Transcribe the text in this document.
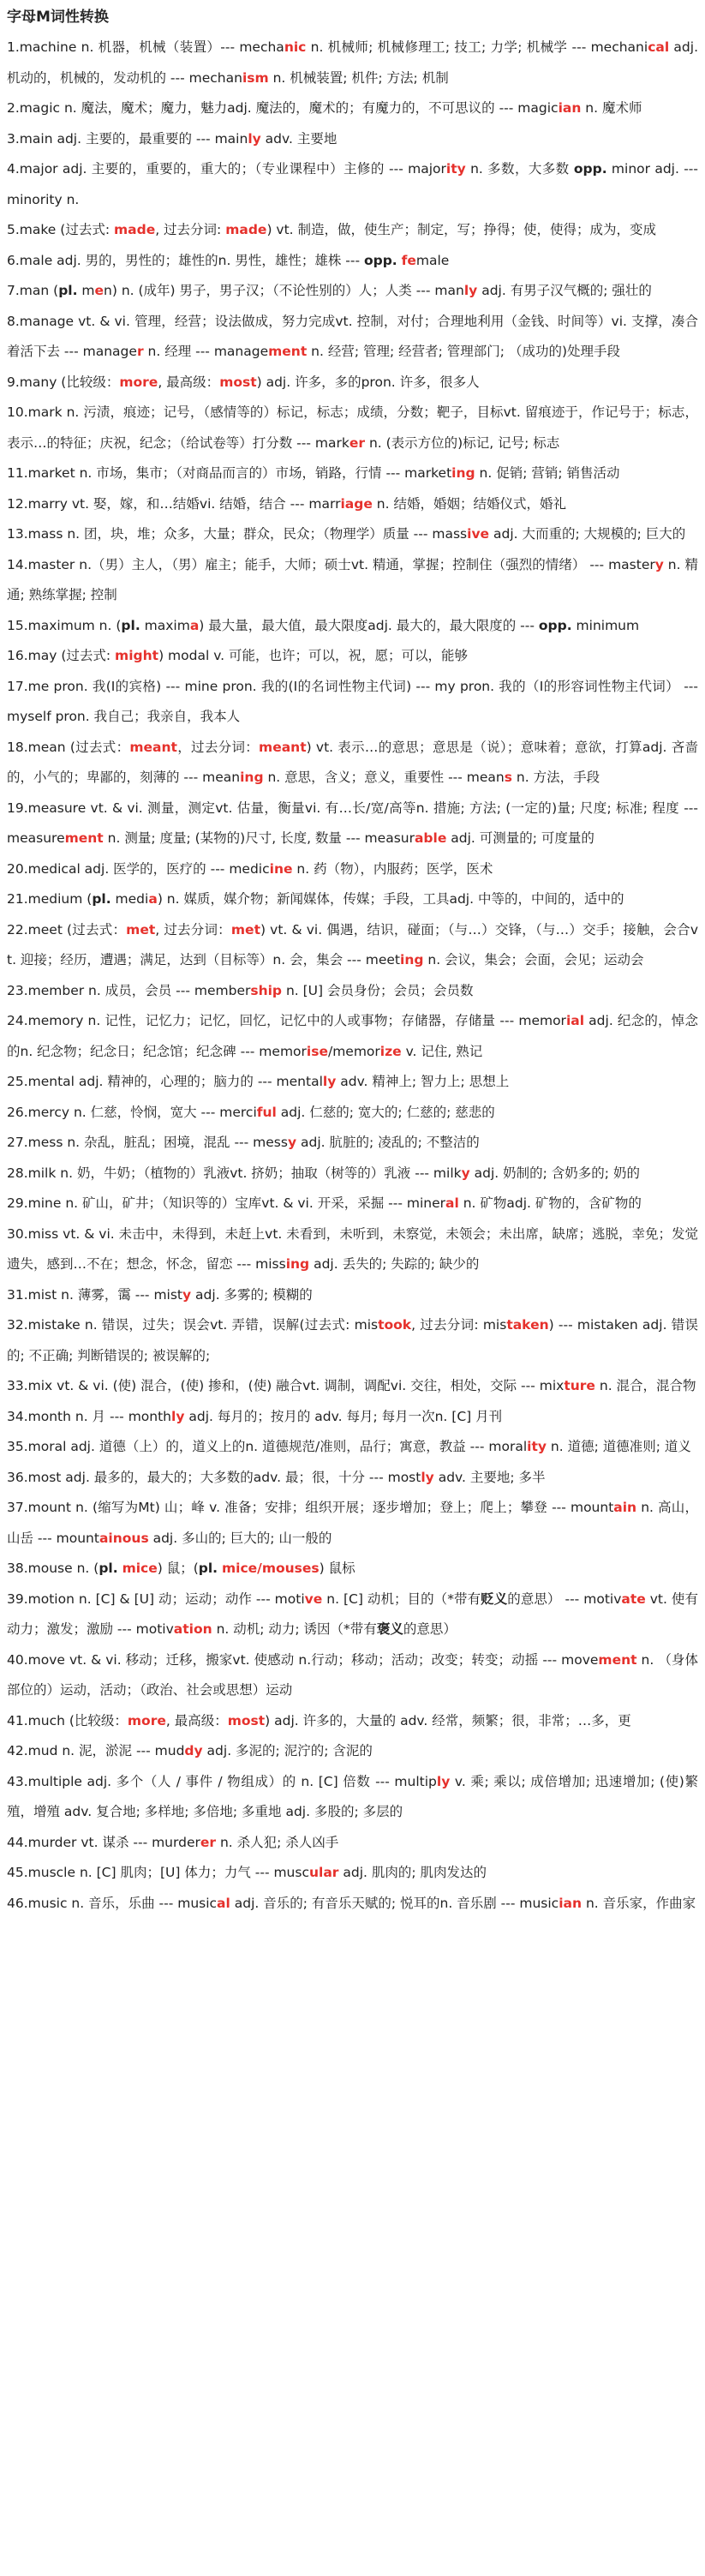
字母M词性转换

1.machine n. 机器，机械（装置）--- mechanic n. 机械师; 机械修理工; 技工; 力学; 机械学 --- mechanical adj. 机动的，机械的，发动机的 --- mechanism n. 机械装置; 机件; 方法; 机制

2.magic n. 魔法，魔术；魔力，魅力adj. 魔法的，魔术的；有魔力的，不可思议的 --- magician n. 魔术师

3.main adj. 主要的，最重要的 --- mainly adv. 主要地

4.major adj. 主要的，重要的，重大的；（专业课程中）主修的 --- majority n. 多数，大多数 opp. minor adj. --- minority n.

5.make (过去式: made, 过去分词: made) vt. 制造，做，使生产；制定，写；挣得；使，使得；成为，变成

6.male adj. 男的，男性的；雄性的n. 男性，雄性；雄株 --- opp. female

7.man (pl. men) n. (成年) 男子，男子汉；（不论性别的）人；人类 --- manly adj. 有男子汉气概的; 强壮的

8.manage vt. & vi. 管理，经营；设法做成，努力完成vt. 控制，对付；合理地利用（金钱、时间等）vi. 支撑，凑合着活下去 --- manager n. 经理 --- management n. 经营; 管理; 经营者; 管理部门; （成功的)处理手段

9.many (比较级：more, 最高级：most) adj. 许多，多的pron. 许多，很多人

10.mark n. 污渍，痕迹；记号，（感情等的）标记，标志；成绩，分数；靶子，目标vt. 留痕迹于，作记号于；标志，表示…的特征；庆祝，纪念；（给试卷等）打分数 --- marker n. (表示方位的)标记, 记号; 标志

11.market n. 市场，集市；（对商品而言的）市场，销路，行情 --- marketing n. 促销; 营销; 销售活动

12.marry vt. 娶，嫁，和…结婚vi. 结婚，结合 --- marriage n. 结婚，婚姻；结婚仪式，婚礼

13.mass n. 团，块，堆；众多，大量；群众，民众；（物理学）质量 --- massive adj. 大而重的; 大规模的; 巨大的

14.master n.（男）主人，（男）雇主；能手，大师；硕士vt. 精通，掌握；控制住（强烈的情绪） --- mastery n. 精通; 熟练掌握; 控制

15.maximum n. (pl. maxima) 最大量，最大值，最大限度adj. 最大的，最大限度的 --- opp. minimum

16.may (过去式: might) modal v. 可能，也许；可以，祝，愿；可以，能够

17.me pron. 我(I的宾格) --- mine pron. 我的(I的名词性物主代词) --- my pron. 我的（I的形容词性物主代词） --- myself pron. 我自己；我亲自，我本人

18.mean (过去式：meant，过去分词：meant) vt. 表示…的意思；意思是（说）；意味着；意欲，打算adj. 吝啬的，小气的；卑鄙的，刻薄的 --- meaning n. 意思，含义；意义，重要性 --- means n. 方法，手段

19.measure vt. & vi. 测量，测定vt. 估量，衡量vi. 有…长/宽/高等n. 措施; 方法; (一定的)量; 尺度; 标准; 程度 --- measurement n. 测量; 度量; (某物的)尺寸, 长度, 数量 --- measurable adj. 可测量的; 可度量的

20.medical adj. 医学的，医疗的 --- medicine n. 药（物），内服药；医学，医术

21.medium (pl. media) n. 媒质，媒介物；新闻媒体，传媒；手段，工具adj. 中等的，中间的，适中的

22.meet (过去式：met, 过去分词：met) vt. & vi. 偶遇，结识，碰面；（与…）交锋，（与…）交手；接触，会合vt. 迎接；经历，遭遇；满足，达到（目标等）n. 会，集会 --- meeting n. 会议，集会；会面，会见；运动会

23.member n. 成员，会员 --- membership n. [U] 会员身份；会员；会员数

24.memory n. 记性，记忆力；记忆，回忆，记忆中的人或事物；存储器，存储量 --- memorial adj. 纪念的，悼念的n. 纪念物；纪念日；纪念馆；纪念碑 --- memorise/memorize v. 记住, 熟记

25.mental adj. 精神的，心理的；脑力的 --- mentally adv. 精神上; 智力上; 思想上

26.mercy n. 仁慈，怜悯，宽大 --- merciful adj. 仁慈的; 宽大的; 仁慈的; 慈悲的

27.mess n. 杂乱，脏乱；困境，混乱 --- messy adj. 肮脏的; 凌乱的; 不整洁的

28.milk n. 奶，牛奶；（植物的）乳液vt. 挤奶；抽取（树等的）乳液 --- milky adj. 奶制的; 含奶多的; 奶的

29.mine n. 矿山，矿井；（知识等的）宝库vt. & vi. 开采，采掘 --- mineral n. 矿物adj. 矿物的，含矿物的

30.miss vt. & vi. 未击中，未得到，未赶上vt. 未看到，未听到，未察觉，未领会；未出席，缺席；逃脱，幸免；发觉遗失，感到…不在；想念，怀念，留恋 --- missing adj. 丢失的; 失踪的; 缺少的

31.mist n. 薄雾，霭 --- misty adj. 多雾的; 模糊的

32.mistake n. 错误，过失；误会vt. 弄错，误解(过去式: mistook, 过去分词: mistaken) --- mistaken adj. 错误的; 不正确; 判断错误的; 被误解的;

33.mix vt. & vi. (使) 混合，(使) 掺和，(使) 融合vt. 调制，调配vi. 交往，相处，交际 --- mixture n. 混合，混合物

34.month n. 月 --- monthly adj. 每月的；按月的 adv. 每月; 每月一次n. [C] 月刊

35.moral adj. 道德（上）的，道义上的n. 道德规范/准则，品行；寓意，教益 --- morality n. 道德; 道德准则; 道义

36.most adj. 最多的，最大的；大多数的adv. 最；很，十分 --- mostly adv. 主要地; 多半

37.mount n. (缩写为Mt) 山；峰 v. 准备；安排；组织开展；逐步增加；登上；爬上；攀登 --- mountain n. 高山，山岳 --- mountainous adj. 多山的; 巨大的; 山一般的

38.mouse n. (pl. mice) 鼠；(pl. mice/mouses) 鼠标

39.motion n. [C] & [U] 动；运动；动作 --- motive n. [C] 动机；目的（*带有贬义的意思） --- motivate vt. 使有动力；激发；激励 --- motivation n. 动机; 动力; 诱因（*带有褒义的意思）

40.move vt. & vi. 移动；迁移，搬家vt. 使感动 n.行动；移动；活动；改变；转变；动摇 --- movement n. （身体部位的）运动，活动；（政治、社会或思想）运动

41.much (比较级：more, 最高级：most) adj. 许多的，大量的 adv. 经常，频繁；很，非常；…多，更

42.mud n. 泥，淤泥 --- muddy adj. 多泥的; 泥泞的; 含泥的

43.multiple adj. 多个（人 / 事件 / 物组成）的 n. [C] 倍数 --- multiply v. 乘; 乘以; 成倍增加; 迅速增加; (使)繁殖，增殖 adv. 复合地; 多样地; 多倍地; 多重地 adj. 多股的; 多层的

44.murder vt. 谋杀 --- murderer n. 杀人犯; 杀人凶手

45.muscle n. [C] 肌肉；[U] 体力；力气 --- muscular adj. 肌肉的; 肌肉发达的

46.music n. 音乐，乐曲 --- musical adj. 音乐的; 有音乐天赋的; 悦耳的n. 音乐剧 --- musician n. 音乐家，作曲家
